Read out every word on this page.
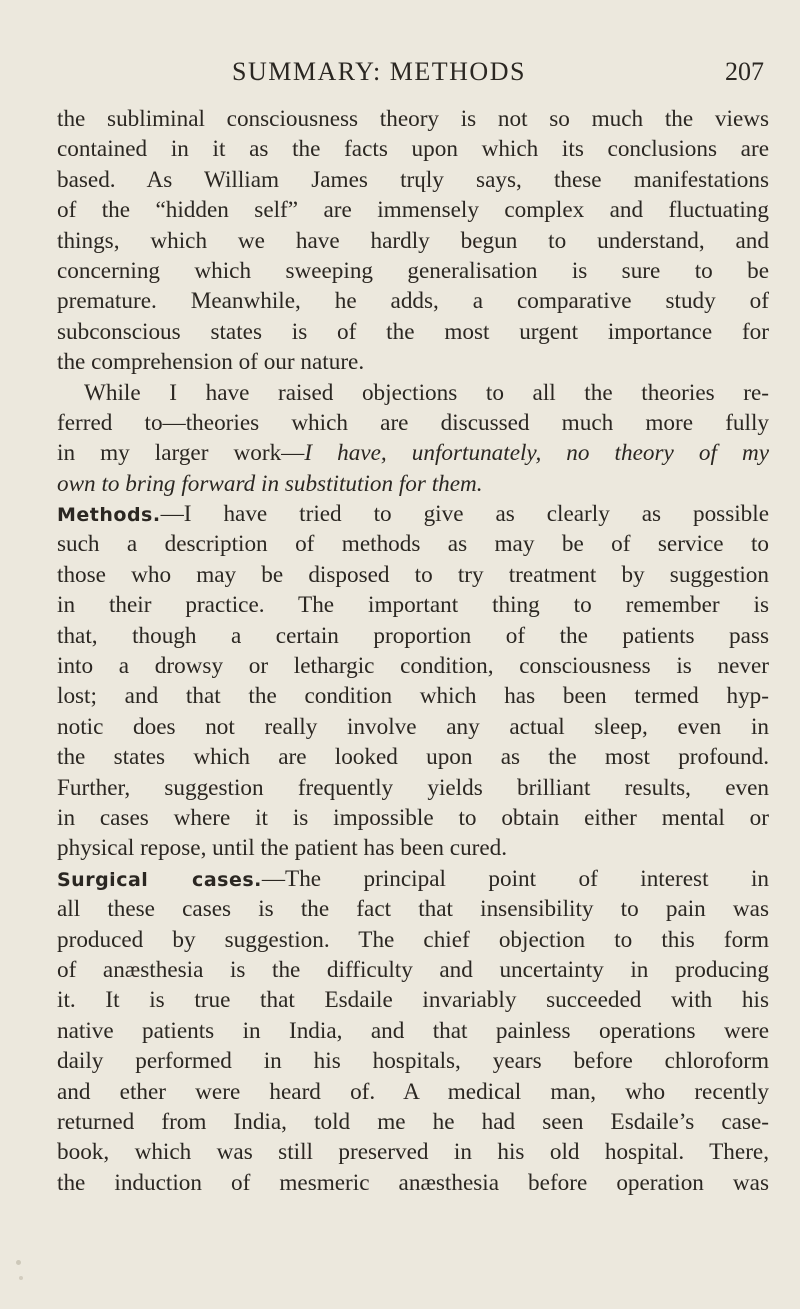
SUMMARY: METHODS	207
the subliminal consciousness theory is not so much the views
contained in it as the facts upon which its conclusions are
based. As William James trɥly says, these manifestations
of the “hidden self” are immensely complex and fluctuating
things, which we have hardly begun to understand, and
concerning which sweeping generalisation is sure to be
premature. Meanwhile, he adds, a comparative study of
subconscious states is of the most urgent importance for
the comprehension of our nature.
While I have raised objections to all the theories re-
ferred to—theories which are discussed much more fully
in my larger work—I have, unfortunately, no theory of my
own to bring forward in substitution for them.
Methods.—I have tried to give as clearly as possible
such a description of methods as may be of service to
those who may be disposed to try treatment by suggestion
in their practice. The important thing to remember is
that, though a certain proportion of the patients pass
into a drowsy or lethargic condition, consciousness is never
lost; and that the condition which has been termed hyp-
notic does not really involve any actual sleep, even in
the states which are looked upon as the most profound.
Further, suggestion frequently yields brilliant results, even
in cases where it is impossible to obtain either mental or
physical repose, until the patient has been cured.
Surgical cases.—The principal point of interest in
all these cases is the fact that insensibility to pain was
produced by suggestion. The chief objection to this form
of anæsthesia is the difficulty and uncertainty in producing
it. It is true that Esdaile invariably succeeded with his
native patients in India, and that painless operations were
daily performed in his hospitals, years before chloroform
and ether were heard of. A medical man, who recently
returned from India, told me he had seen Esdaile’s case-
book, which was still preserved in his old hospital. There,
the induction of mesmeric anæsthesia before operation was
